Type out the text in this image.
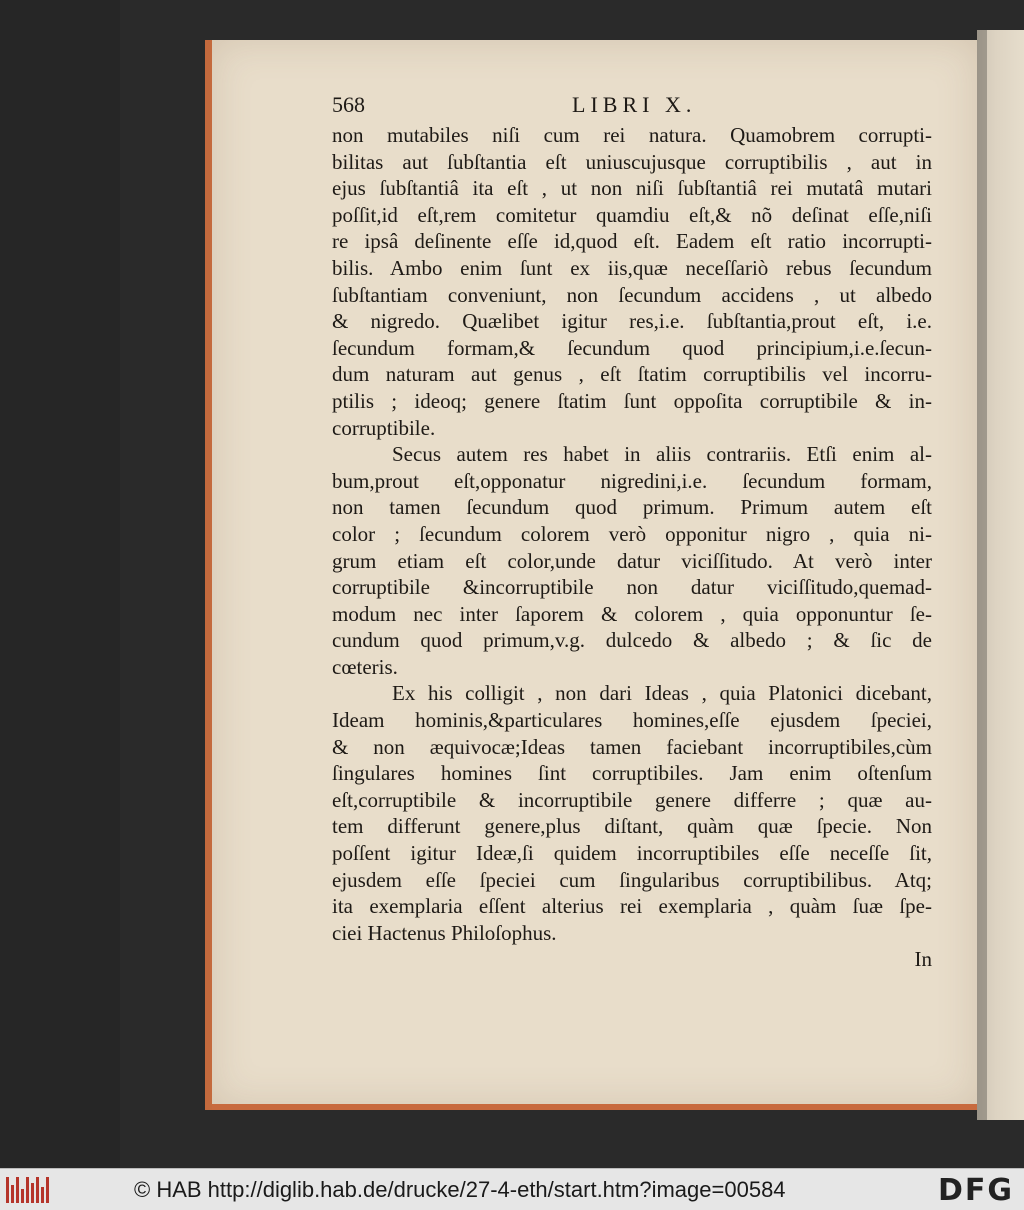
568	LIBRI X.
non mutabiles niſi cum rei natura. Quamobrem corrupti-
bilitas aut ſubſtantia eſt uniuscujusque corruptibilis , aut in
ejus ſubſtantiâ ita eſt , ut non niſi ſubſtantiâ rei mutatâ mutari
poſſit,id eſt,rem comitetur quamdiu eſt,& nõ deſinat eſſe,niſi
re ipsâ deſinente eſſe id,quod eſt. Eadem eſt ratio incorrupti-
bilis. Ambo enim ſunt ex iis,quæ neceſſariò rebus ſecundum
ſubſtantiam conveniunt, non ſecundum accidens , ut albedo
& nigredo. Quælibet igitur res,i.e. ſubſtantia,prout eſt, i.e.
ſecundum formam,& ſecundum quod principium,i.e.ſecun-
dum naturam aut genus , eſt ſtatim corruptibilis vel incorru-
ptilis ; ideoq; genere ſtatim ſunt oppoſita corruptibile & in-
corruptibile.
Secus autem res habet in aliis contrariis. Etſi enim al-
bum,prout eſt,opponatur nigredini,i.e. ſecundum formam,
non tamen ſecundum quod primum. Primum autem eſt
color ; ſecundum colorem verò opponitur nigro , quia ni-
grum etiam eſt color,unde datur viciſſitudo. At verò inter
corruptibile &incorruptibile non datur viciſſitudo,quemad-
modum nec inter ſaporem & colorem , quia opponuntur ſe-
cundum quod primum,v.g. dulcedo & albedo ; & ſic de
cœteris.
Ex his colligit , non dari Ideas , quia Platonici dicebant,
Ideam hominis,&particulares homines,eſſe ejusdem ſpeciei,
& non æquivocæ;Ideas tamen faciebant incorruptibiles,cùm
ſingulares homines ſint corruptibiles. Jam enim oſtenſum
eſt,corruptibile & incorruptibile genere differre ; quæ au-
tem differunt genere,plus diſtant, quàm quæ ſpecie. Non
poſſent igitur Ideæ,ſi quidem incorruptibiles eſſe neceſſe ſit,
ejusdem eſſe ſpeciei cum ſingularibus corruptibilibus. Atq;
ita exemplaria eſſent alterius rei exemplaria , quàm ſuæ ſpe-
ciei Hactenus Philoſophus.
In
© HAB http://diglib.hab.de/drucke/27-4-eth/start.htm?image=00584	DFG
